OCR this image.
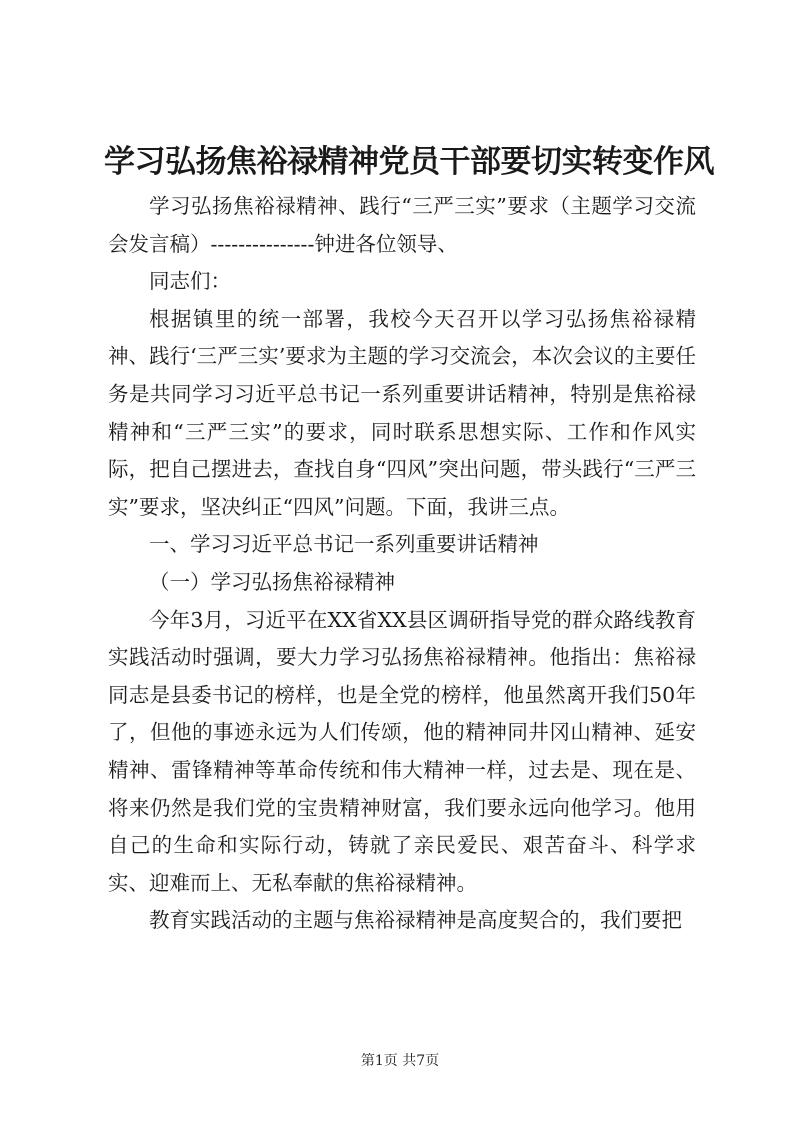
学习弘扬焦裕禄精神党员干部要切实转变作风

学习弘扬焦裕禄精神、践行“三严三实”要求（主题学习交流会发言稿）---------------钟进各位领导、

同志们：

根据镇里的统一部署，我校今天召开以学习弘扬焦裕禄精神、践行‘三严三实’要求为主题的学习交流会，本次会议的主要任务是共同学习习近平总书记一系列重要讲话精神，特别是焦裕禄精神和“三严三实”的要求，同时联系思想实际、工作和作风实际，把自己摆进去，查找自身“四风”突出问题，带头践行“三严三实”要求，坚决纠正“四风”问题。下面，我讲三点。

一、学习习近平总书记一系列重要讲话精神

（一）学习弘扬焦裕禄精神

今年3月，习近平在XX省XX县区调研指导党的群众路线教育实践活动时强调，要大力学习弘扬焦裕禄精神。他指出：焦裕禄同志是县委书记的榜样，也是全党的榜样，他虽然离开我们50年了，但他的事迹永远为人们传颂，他的精神同井冈山精神、延安精神、雷锋精神等革命传统和伟大精神一样，过去是、现在是、将来仍然是我们党的宝贵精神财富，我们要永远向他学习。他用自己的生命和实际行动，铸就了亲民爱民、艰苦奋斗、科学求实、迎难而上、无私奉献的焦裕禄精神。

教育实践活动的主题与焦裕禄精神是高度契合的，我们要把

第1页 共7页
